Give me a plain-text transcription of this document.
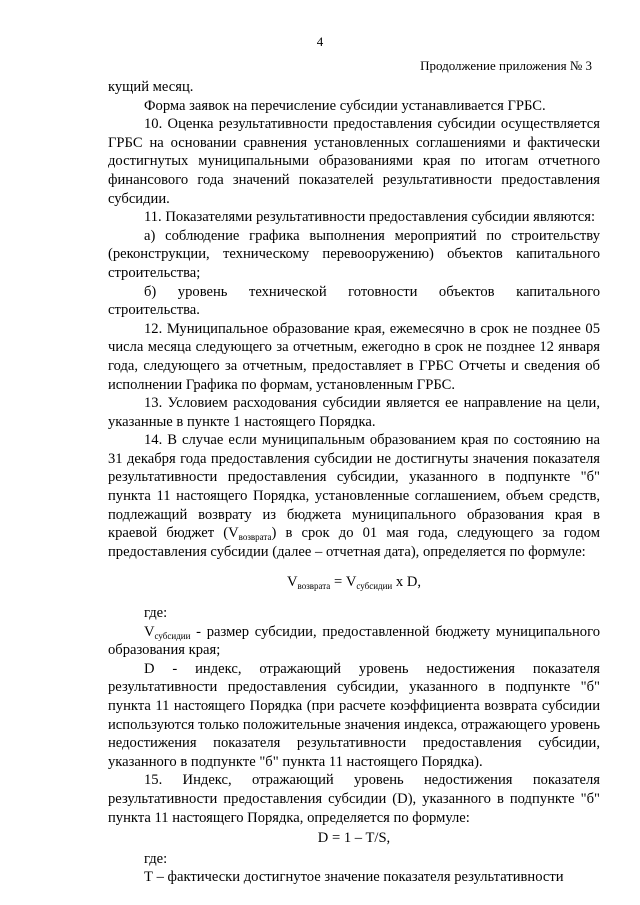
4
Продолжение приложения № 3

кущий месяц.

Форма заявок на перечисление субсидии устанавливается ГРБС.

10. Оценка результативности предоставления субсидии осуществляется ГРБС на основании сравнения установленных соглашениями и фактически достигнутых муниципальными образованиями края по итогам отчетного финансового года значений показателей результативности предоставления субсидии.

11. Показателями результативности предоставления субсидии являются:

а) соблюдение графика выполнения мероприятий по строительству (реконструкции, техническому перевооружению) объектов капитального строительства;

б) уровень технической готовности объектов капитального строительства.

12. Муниципальное образование края, ежемесячно в срок не позднее 05 числа месяца следующего за отчетным, ежегодно в срок не позднее 12 января года, следующего за отчетным, предоставляет в ГРБС Отчеты и сведения об исполнении Графика по формам, установленным ГРБС.

13. Условием расходования субсидии является ее направление на цели, указанные в пункте 1 настоящего Порядка.

14. В случае если муниципальным образованием края по состоянию на 31 декабря года предоставления субсидии не достигнуты значения показателя результативности предоставления субсидии, указанного в подпункте "б" пункта 11 настоящего Порядка, установленные соглашением, объем средств, подлежащий возврату из бюджета муниципального образования края в краевой бюджет $(V_{возврата})$ в срок до 01 мая года, следующего за годом предоставления субсидии (далее – отчетная дата), определяется по формуле:

$V_{возврата} = V_{субсидии}$ x D,

где:

$V_{субсидии}$ - размер субсидии, предоставленной бюджету муниципального образования края;

D - индекс, отражающий уровень недостижения показателя результативности предоставления субсидии, указанного в подпункте "б" пункта 11 настоящего Порядка (при расчете коэффициента возврата субсидии используются только положительные значения индекса, отражающего уровень недостижения показателя результативности предоставления субсидии, указанного в подпункте "б" пункта 11 настоящего Порядка).

15. Индекс, отражающий уровень недостижения показателя результативности предоставления субсидии (D), указанного в подпункте "б" пункта 11 настоящего Порядка, определяется по формуле:

D = 1 – T/S,

где:

Т – фактически достигнутое значение показателя результативности
